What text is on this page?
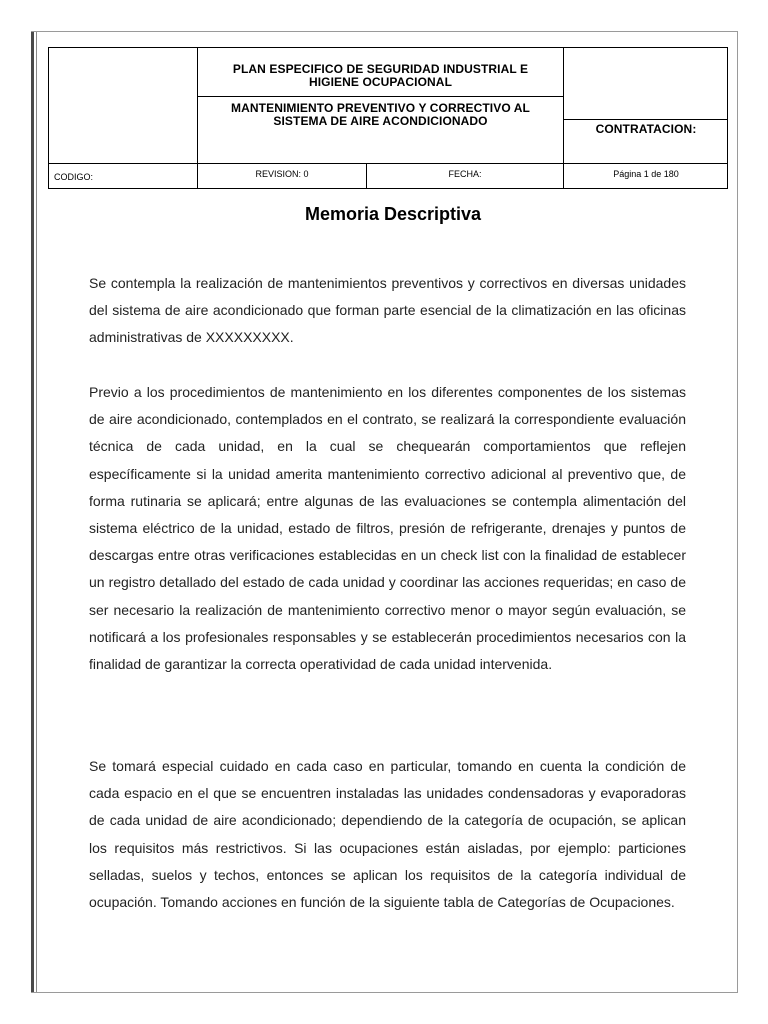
PLAN ESPECIFICO DE SEGURIDAD INDUSTRIAL E
HIGIENE OCUPACIONAL
MANTENIMIENTO PREVENTIVO Y CORRECTIVO AL
SISTEMA DE AIRE ACONDICIONADO
CONTRATACION:
CODIGO:	REVISION: 0	FECHA:	Página 1 de 180
Memoria Descriptiva

Se contempla la realización de mantenimientos preventivos y correctivos en diversas unidades del sistema de aire acondicionado que forman parte esencial de la climatización en las oficinas administrativas de XXXXXXXXX.

Previo a los procedimientos de mantenimiento en los diferentes componentes de los sistemas de aire acondicionado, contemplados en el contrato, se realizará la correspondiente evaluación técnica de cada unidad, en la cual se chequearán comportamientos que reflejen específicamente si la unidad amerita mantenimiento correctivo adicional al preventivo que, de forma rutinaria se aplicará; entre algunas de las evaluaciones se contempla alimentación del sistema eléctrico de la unidad, estado de filtros, presión de refrigerante, drenajes y puntos de descargas entre otras verificaciones establecidas en un check list con la finalidad de establecer un registro detallado del estado de cada unidad y coordinar las acciones requeridas; en caso de ser necesario la realización de mantenimiento correctivo menor o mayor según evaluación, se notificará a los profesionales responsables y se establecerán procedimientos necesarios con la finalidad de garantizar la correcta operatividad de cada unidad intervenida.

Se tomará especial cuidado en cada caso en particular, tomando en cuenta la condición de cada espacio en el que se encuentren instaladas las unidades condensadoras y evaporadoras de cada unidad de aire acondicionado; dependiendo de la categoría de ocupación, se aplican los requisitos más restrictivos. Si las ocupaciones están aisladas, por ejemplo: particiones selladas, suelos y techos, entonces se aplican los requisitos de la categoría individual de ocupación. Tomando acciones en función de la siguiente tabla de Categorías de Ocupaciones.
